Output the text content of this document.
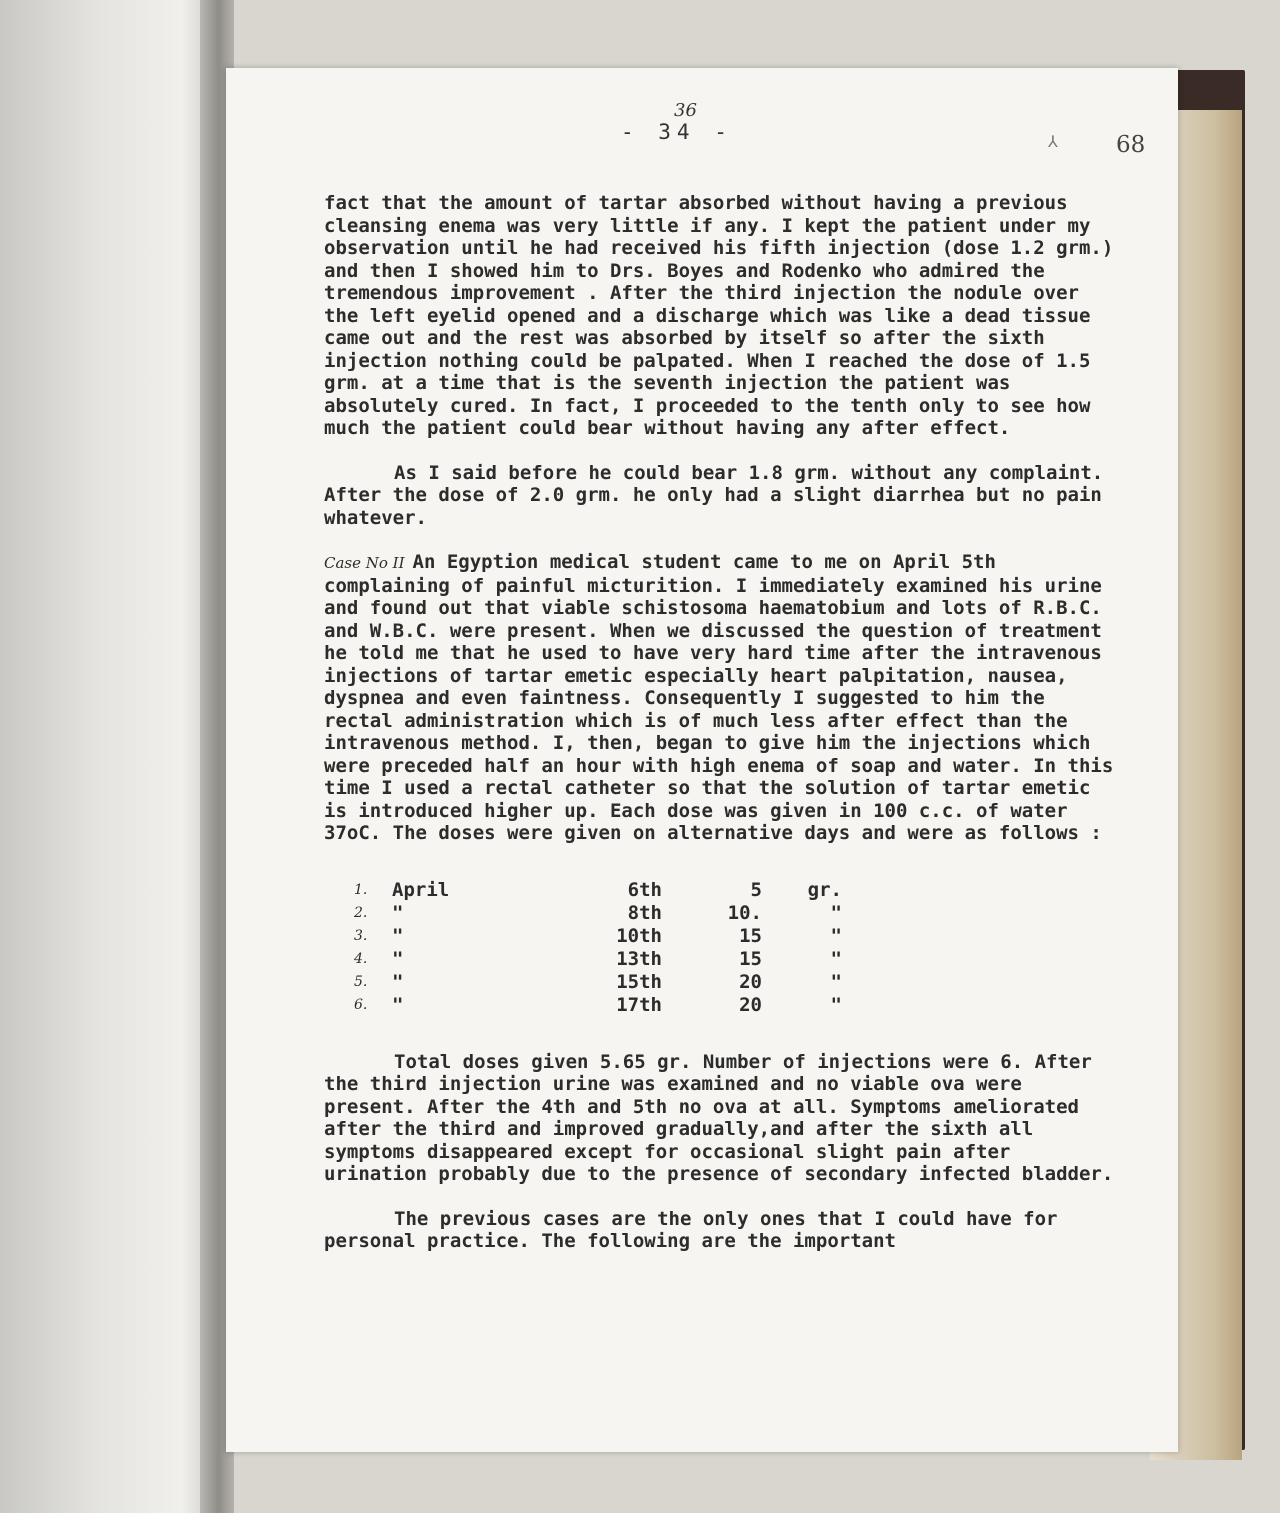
36
- 34 -	⅄	68

fact that the amount of tartar absorbed without having a previous cleansing enema was very little if any. I kept the patient under my observation until he had received his fifth injection (dose 1.2 grm.) and then I showed him to Drs. Boyes and Rodenko who admired the tremendous improvement . After the third injection the nodule over the left eyelid opened and a discharge which was like a dead tissue came out and the rest was absorbed by itself so after the sixth injection nothing could be palpated. When I reached the dose of 1.5 grm. at a time that is the seventh injection the patient was absolutely cured. In fact, I proceeded to the tenth only to see how much the patient could bear without having any after effect.

As I said before he could bear 1.8 grm. without any complaint. After the dose of 2.0 grm. he only had a slight diarrhea but no pain whatever.

Case No II An Egyption medical student came to me on April 5th complaining of painful micturition. I immediately examined his urine and found out that viable schistosoma haematobium and lots of R.B.C. and W.B.C. were present. When we discussed the question of treatment he told me that he used to have very hard time after the intravenous injections of tartar emetic especially heart palpitation, nausea, dyspnea and even faintness. Consequently I suggested to him the rectal administration which is of much less after effect than the intravenous method. I, then, began to give him the injections which were preceded half an hour with high enema of soap and water. In this time I used a rectal catheter so that the solution of tartar emetic is introduced higher up. Each dose was given in 100 c.c. of water 37oC. The doses were given on alternative days and were as follows :

1.	April	6th	5	gr.
2.	"	8th	10.	"
3.	"	10th	15	"
4.	"	13th	15	"
5.	"	15th	20	"
6.	"	17th	20	"

Total doses given 5.65 gr. Number of injections were 6. After the third injection urine was examined and no viable ova were present. After the 4th and 5th no ova at all. Symptoms ameliorated after the third and improved gradually,and after the sixth all symptoms disappeared except for occasional slight pain after urination probably due to the presence of secondary infected bladder.

The previous cases are the only ones that I could have for personal practice. The following are the important
